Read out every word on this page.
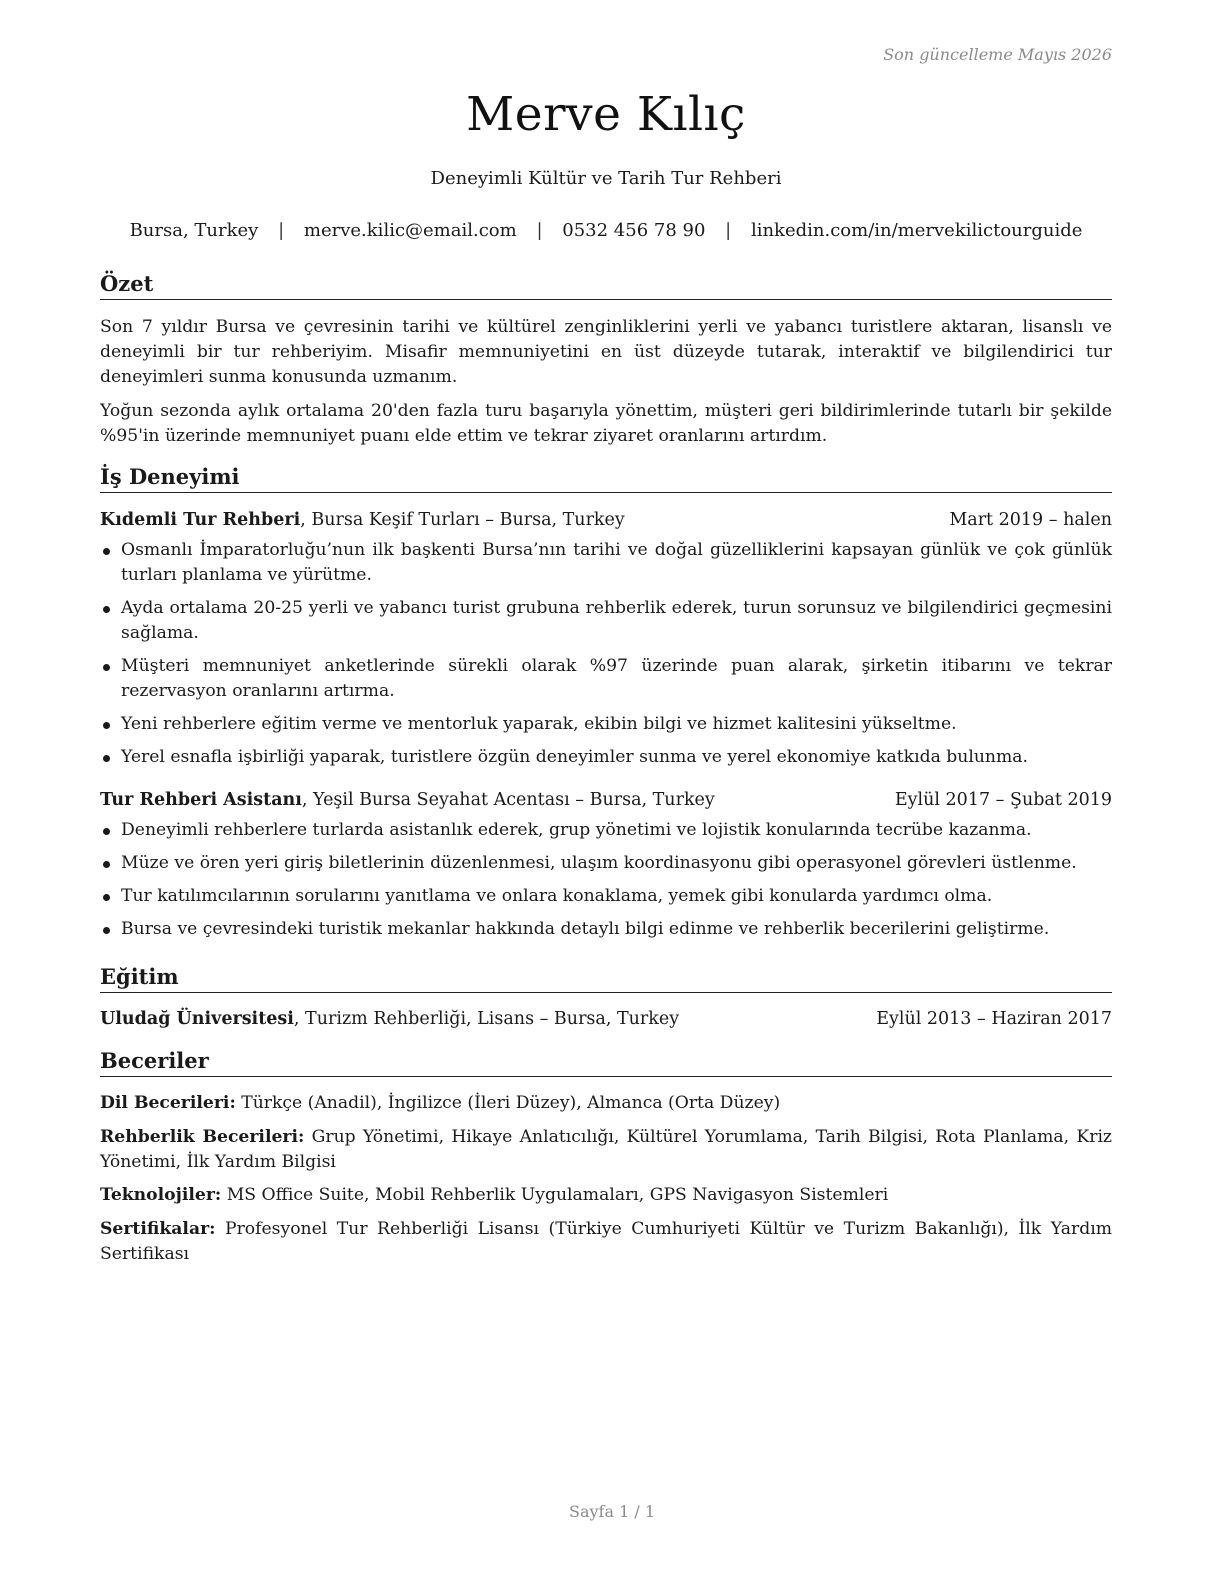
Son güncelleme Mayıs 2026
Merve Kılıç
Deneyimli Kültür ve Tarih Tur Rehberi
Bursa, Turkey | merve.kilic@email.com | 0532 456 78 90 | linkedin.com/in/mervekilictourguide
Özet
Son 7 yıldır Bursa ve çevresinin tarihi ve kültürel zenginliklerini yerli ve yabancı turistlere aktaran, lisanslı ve deneyimli bir tur rehberiyim. Misafir memnuniyetini en üst düzeyde tutarak, interaktif ve bilgilendirici tur deneyimleri sunma konusunda uzmanım.
Yoğun sezonda aylık ortalama 20'den fazla turu başarıyla yönettim, müşteri geri bildirimlerinde tutarlı bir şekilde %95'in üzerinde memnuniyet puanı elde ettim ve tekrar ziyaret oranlarını artırdım.
İş Deneyimi
Kıdemli Tur Rehberi, Bursa Keşif Turları – Bursa, Turkey	Mart 2019 – halen
Osmanlı İmparatorluğu’nun ilk başkenti Bursa’nın tarihi ve doğal güzelliklerini kapsayan günlük ve çok günlük turları planlama ve yürütme.
Ayda ortalama 20-25 yerli ve yabancı turist grubuna rehberlik ederek, turun sorunsuz ve bilgilendirici geçmesini sağlama.
Müşteri memnuniyet anketlerinde sürekli olarak %97 üzerinde puan alarak, şirketin itibarını ve tekrar rezervasyon oranlarını artırma.
Yeni rehberlere eğitim verme ve mentorluk yaparak, ekibin bilgi ve hizmet kalitesini yükseltme.
Yerel esnafla işbirliği yaparak, turistlere özgün deneyimler sunma ve yerel ekonomiye katkıda bulunma.
Tur Rehberi Asistanı, Yeşil Bursa Seyahat Acentası – Bursa, Turkey	Eylül 2017 – Şubat 2019
Deneyimli rehberlere turlarda asistanlık ederek, grup yönetimi ve lojistik konularında tecrübe kazanma.
Müze ve ören yeri giriş biletlerinin düzenlenmesi, ulaşım koordinasyonu gibi operasyonel görevleri üstlenme.
Tur katılımcılarının sorularını yanıtlama ve onlara konaklama, yemek gibi konularda yardımcı olma.
Bursa ve çevresindeki turistik mekanlar hakkında detaylı bilgi edinme ve rehberlik becerilerini geliştirme.
Eğitim
Uludağ Üniversitesi, Turizm Rehberliği, Lisans – Bursa, Turkey	Eylül 2013 – Haziran 2017
Beceriler
Dil Becerileri: Türkçe (Anadil), İngilizce (İleri Düzey), Almanca (Orta Düzey)
Rehberlik Becerileri: Grup Yönetimi, Hikaye Anlatıcılığı, Kültürel Yorumlama, Tarih Bilgisi, Rota Planlama, Kriz Yönetimi, İlk Yardım Bilgisi
Teknolojiler: MS Office Suite, Mobil Rehberlik Uygulamaları, GPS Navigasyon Sistemleri
Sertifikalar: Profesyonel Tur Rehberliği Lisansı (Türkiye Cumhuriyeti Kültür ve Turizm Bakanlığı), İlk Yardım Sertifikası
Sayfa 1 / 1
